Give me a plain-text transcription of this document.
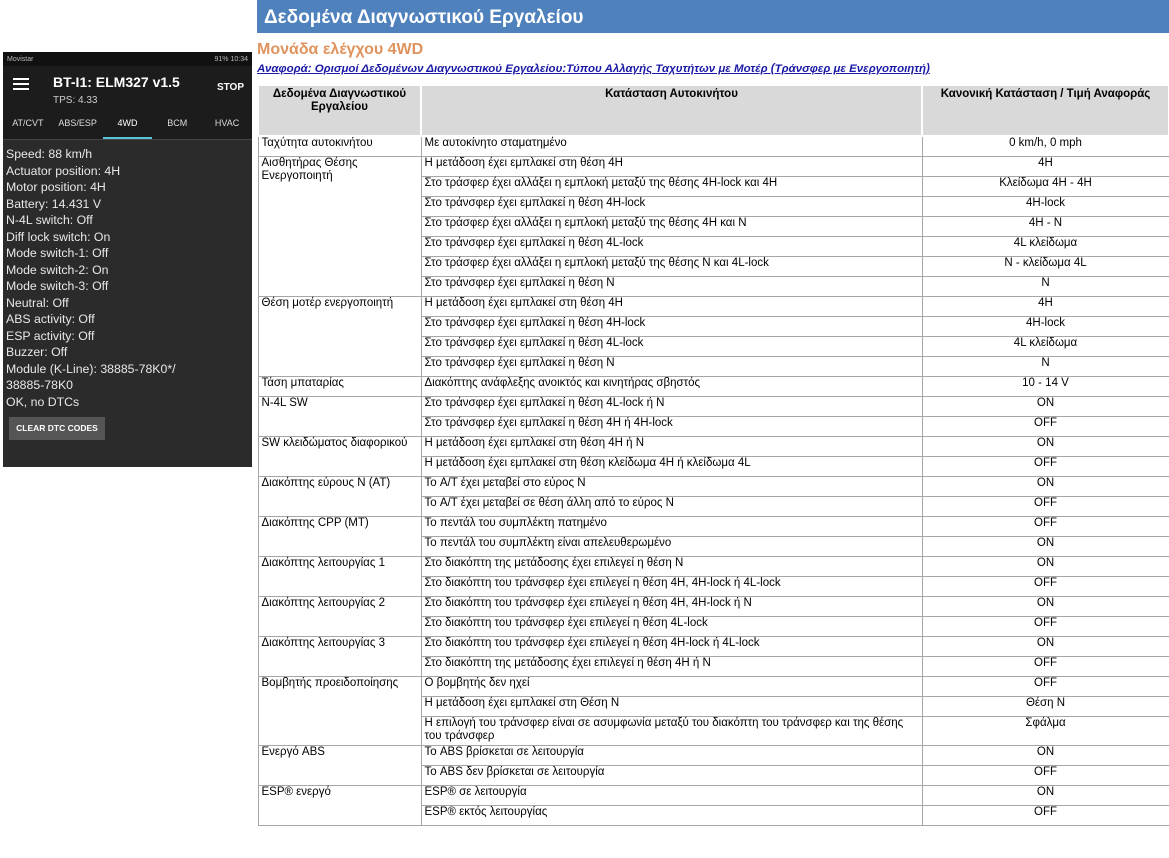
Movistar	91% 10:34
BT-I1: ELM327 v1.5
TPS: 4.33
STOP
AT/CVT	ABS/ESP	4WD	BCM	HVAC
Speed: 88 km/h
Actuator position: 4H
Motor position: 4H
Battery: 14.431 V
N-4L switch: Off
Diff lock switch: On
Mode switch-1: Off
Mode switch-2: On
Mode switch-3: Off
Neutral: Off
ABS activity: Off
ESP activity: Off
Buzzer: Off
Module (K-Line): 38885-78K0*/
38885-78K0
OK, no DTCs
CLEAR DTC CODES
Δεδομένα Διαγνωστικού Εργαλείου
Μονάδα ελέγχου 4WD
Αναφορά: Ορισμοί Δεδομένων Διαγνωστικού Εργαλείου:Τύπου Αλλαγής Ταχυτήτων με Μοτέρ (Τράνσφερ με Ενεργοποιητή)
Δεδομένα Διαγνωστικού Εργαλείου	Κατάσταση Αυτοκινήτου	Κανονική Κατάσταση / Τιμή Αναφοράς
Ταχύτητα αυτοκινήτου	Με αυτοκίνητο σταματημένο	0 km/h, 0 mph
Αισθητήρας Θέσης Ενεργοποιητή	Η μετάδοση έχει εμπλακεί στη θέση 4H	4H
	Στο τράσφερ έχει αλλάξει η εμπλοκή μεταξύ της θέσης 4H-lock και 4H	Κλείδωμα 4H - 4H
	Στο τράνσφερ έχει εμπλακεί η θέση 4H-lock	4H-lock
	Στο τράσφερ έχει αλλάξει η εμπλοκή μεταξύ της θέσης 4H και N	4H - N
	Στο τράνσφερ έχει εμπλακεί η θέση 4L-lock	4L κλείδωμα
	Στο τράσφερ έχει αλλάξει η εμπλοκή μεταξύ της θέσης N και 4L-lock	N - κλείδωμα 4L
	Στο τράνσφερ έχει εμπλακεί η θέση N	N
Θέση μοτέρ ενεργοποιητή	Η μετάδοση έχει εμπλακεί στη θέση 4H	4H
	Στο τράνσφερ έχει εμπλακεί η θέση 4H-lock	4H-lock
	Στο τράνσφερ έχει εμπλακεί η θέση 4L-lock	4L κλείδωμα
	Στο τράνσφερ έχει εμπλακεί η θέση N	N
Τάση μπαταρίας	Διακόπτης ανάφλεξης ανοικτός και κινητήρας σβηστός	10 - 14 V
N-4L SW	Στο τράνσφερ έχει εμπλακεί η θέση 4L-lock ή N	ON
	Στο τράνσφερ έχει εμπλακεί η θέση 4H ή 4H-lock	OFF
SW κλειδώματος διαφορικού	Η μετάδοση έχει εμπλακεί στη θέση 4H ή N	ON
	Η μετάδοση έχει εμπλακεί στη θέση κλείδωμα 4H ή κλείδωμα 4L	OFF
Διακόπτης εύρους N (AT)	Το A/T έχει μεταβεί στο εύρος N	ON
	Το A/T έχει μεταβεί σε θέση άλλη από το εύρος N	OFF
Διακόπτης CPP (MT)	Το πεντάλ του συμπλέκτη πατημένο	OFF
	Το πεντάλ του συμπλέκτη είναι απελευθερωμένο	ON
Διακόπτης λειτουργίας 1	Στο διακόπτη της μετάδοσης έχει επιλεγεί η θέση N	ON
	Στο διακόπτη του τράνσφερ έχει επιλεγεί η θέση 4H, 4H-lock ή 4L-lock	OFF
Διακόπτης λειτουργίας 2	Στο διακόπτη του τράνσφερ έχει επιλεγεί η θέση 4H, 4H-lock ή N	ON
	Στο διακόπτη του τράνσφερ έχει επιλεγεί η θέση 4L-lock	OFF
Διακόπτης λειτουργίας 3	Στο διακόπτη του τράνσφερ έχει επιλεγεί η θέση 4H-lock ή 4L-lock	ON
	Στο διακόπτη της μετάδοσης έχει επιλεγεί η θέση 4H ή N	OFF
Βομβητής προειδοποίησης	Ο βομβητής δεν ηχεί	OFF
	Η μετάδοση έχει εμπλακεί στη Θέση N	Θέση N
	Η επιλογή του τράνσφερ είναι σε ασυμφωνία μεταξύ του διακόπτη του τράνσφερ και της θέσης του τράνσφερ	Σφάλμα
Ενεργό ABS	Το ABS βρίσκεται σε λειτουργία	ON
	Το ABS δεν βρίσκεται σε λειτουργία	OFF
ESP® ενεργό	ESP® σε λειτουργία	ON
	ESP® εκτός λειτουργίας	OFF
